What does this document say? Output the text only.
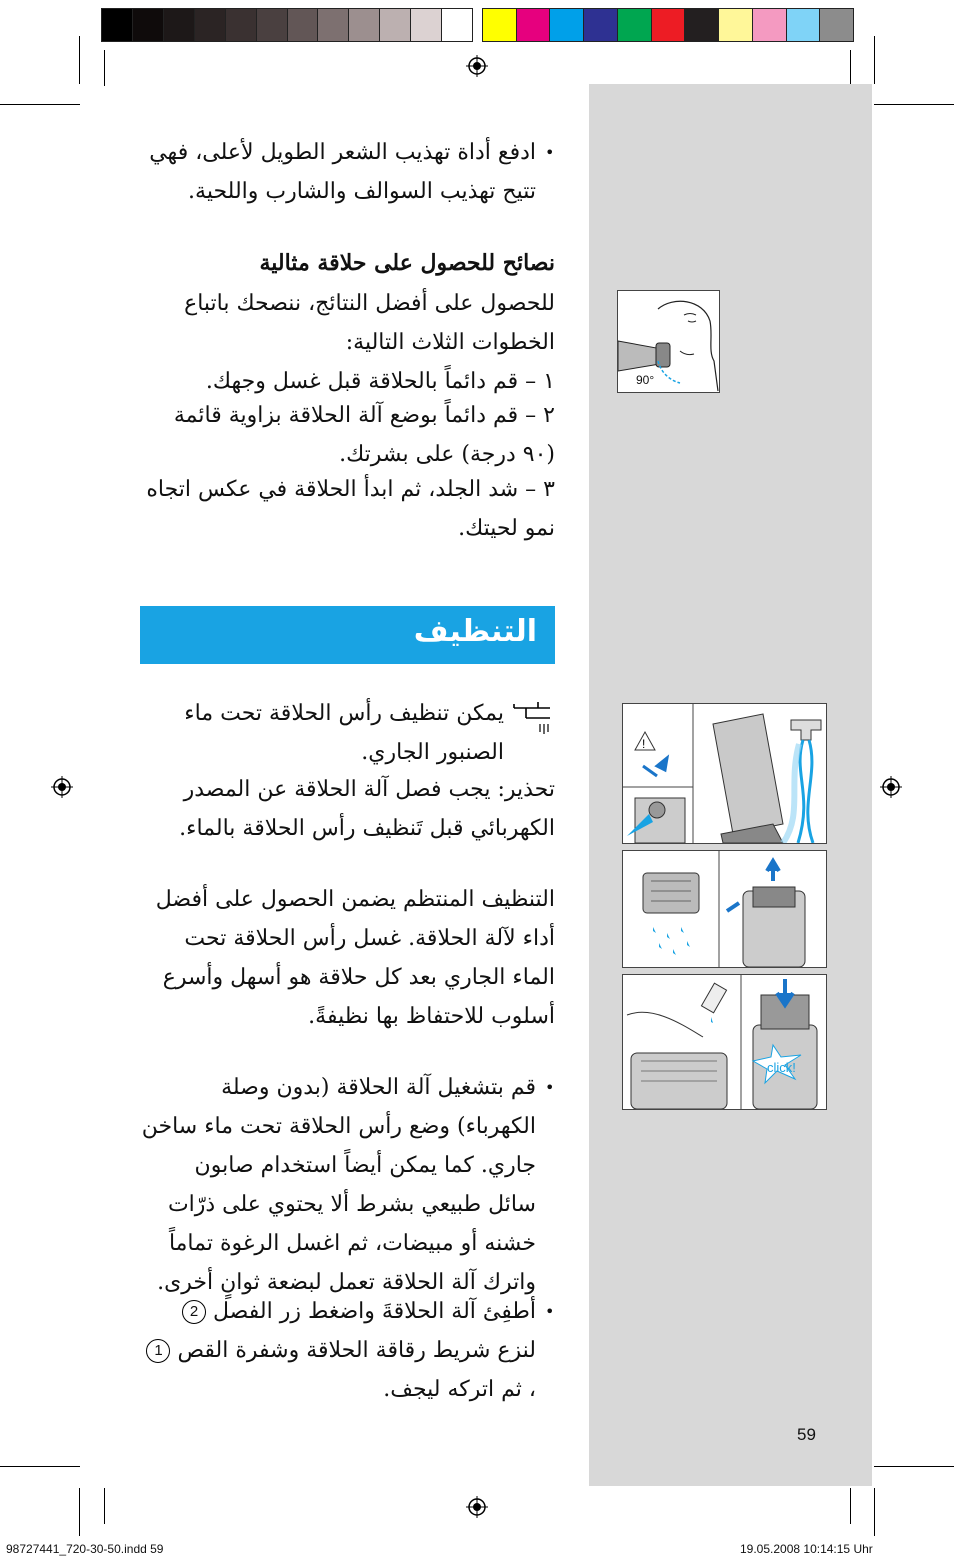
•
ادفع أداة تهذيب الشعر الطويل لأعلى، فهي تتيح تهذيب السوالف والشارب واللحية.
نصائح للحصول على حلاقة مثالية
للحصول على أفضل النتائج، ننصحك باتباع الخطوات الثلاث التالية:
١ – قم دائماً بالحلاقة قبل غسل وجهك.
٢ – قم دائماً بوضع آلة الحلاقة بزاوية قائمة (٩٠ درجة) على بشرتك.
٣ – شد الجلد، ثم ابدأ الحلاقة في عكس اتجاه نمو لحيتك.
التنظيف
يمكن تنظيف رأس الحلاقة تحت ماء الصنبور الجاري.
تحذير: يجب فصل آلة الحلاقة عن المصدر الكهربائي قبل تَنظيف رأس الحلاقة بالماء.
التنظيف المنتظم يضمن الحصول على أفضل أداء لآلة الحلاقة. غسل رأس الحلاقة تحت الماء الجاري بعد كل حلاقة هو أسهل وأسرع أسلوب للاحتفاظ بها نظيفةً.
•
قم بتشغيل آلة الحلاقة (بدون وصلة الكهرباء) وضع رأس الحلاقة تحت ماء ساخن جاري. كما يمكن أيضاً استخدام صابون سائل طبيعي بشرط ألا يحتوي على ذرّات خشنه أو مبيضات، ثم اغسل الرغوة تماماً واترك آلة الحلاقة تعمل لبضعة ثوانٍ أخرى.
•
أطفِئ آلة الحلاقةَ واضغط زر الفصل 2 لنزع شريط رقاقة الحلاقة وشفرة القص 1، ثم اتركه ليجف.
90°
!
click!
59
98727441_720-30-50.indd 59	19.05.2008 10:14:15 Uhr
